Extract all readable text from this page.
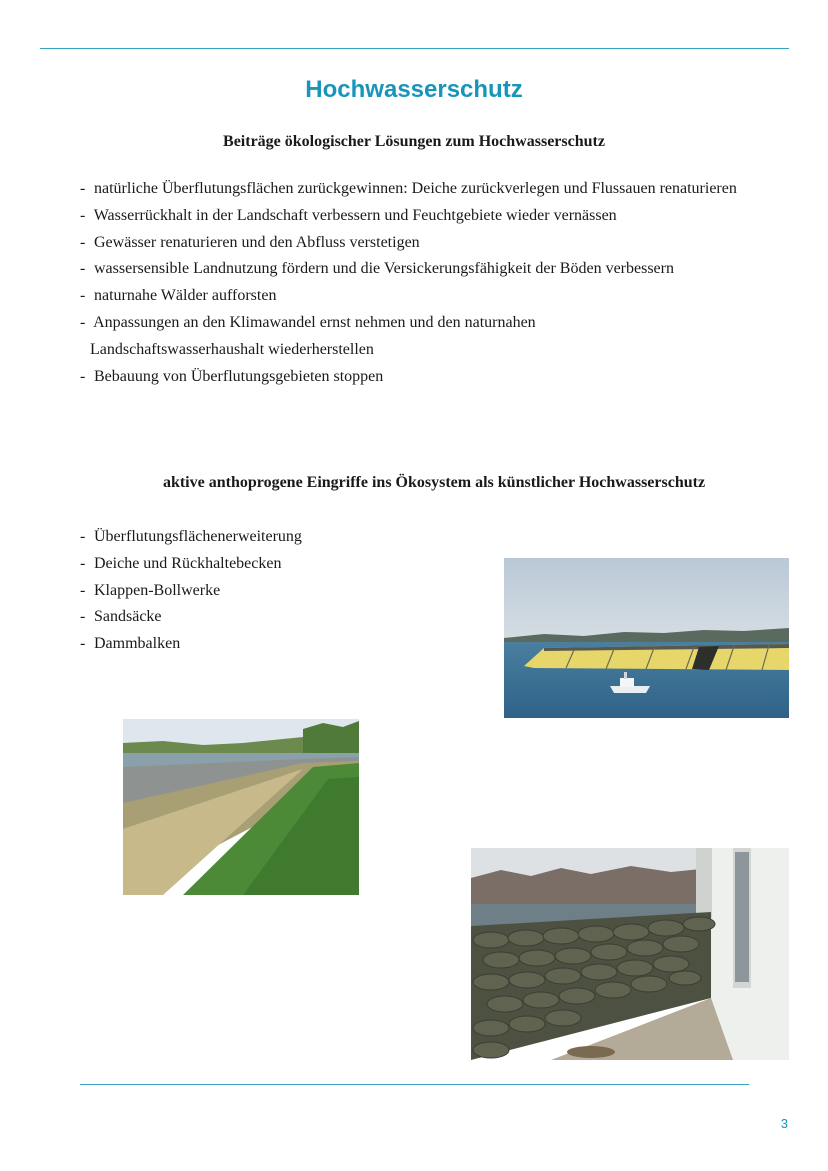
Hochwasserschutz
Beiträge ökologischer Lösungen zum Hochwasserschutz
- natürliche Überflutungsflächen zurückgewinnen: Deiche zurückverlegen und Flussauen renaturieren
- Wasserrückhalt in der Landschaft verbessern und Feuchtgebiete wieder vernässen
- Gewässer renaturieren und den Abfluss verstetigen
- wassersensible Landnutzung fördern und die Versickerungsfähigkeit der Böden verbessern
- naturnahe Wälder aufforsten
- Anpassungen an den Klimawandel ernst nehmen und den naturnahen Landschaftswasserhaushalt wiederherstellen
- Bebauung von Überflutungsgebieten stoppen
aktive anthoprogene Eingriffe ins Ökosystem als künstlicher Hochwasserschutz
- Überflutungsflächenerweiterung
- Deiche und Rückhaltebecken
- Klappen-Bollwerke
- Sandsäcke
- Dammbalken
3
